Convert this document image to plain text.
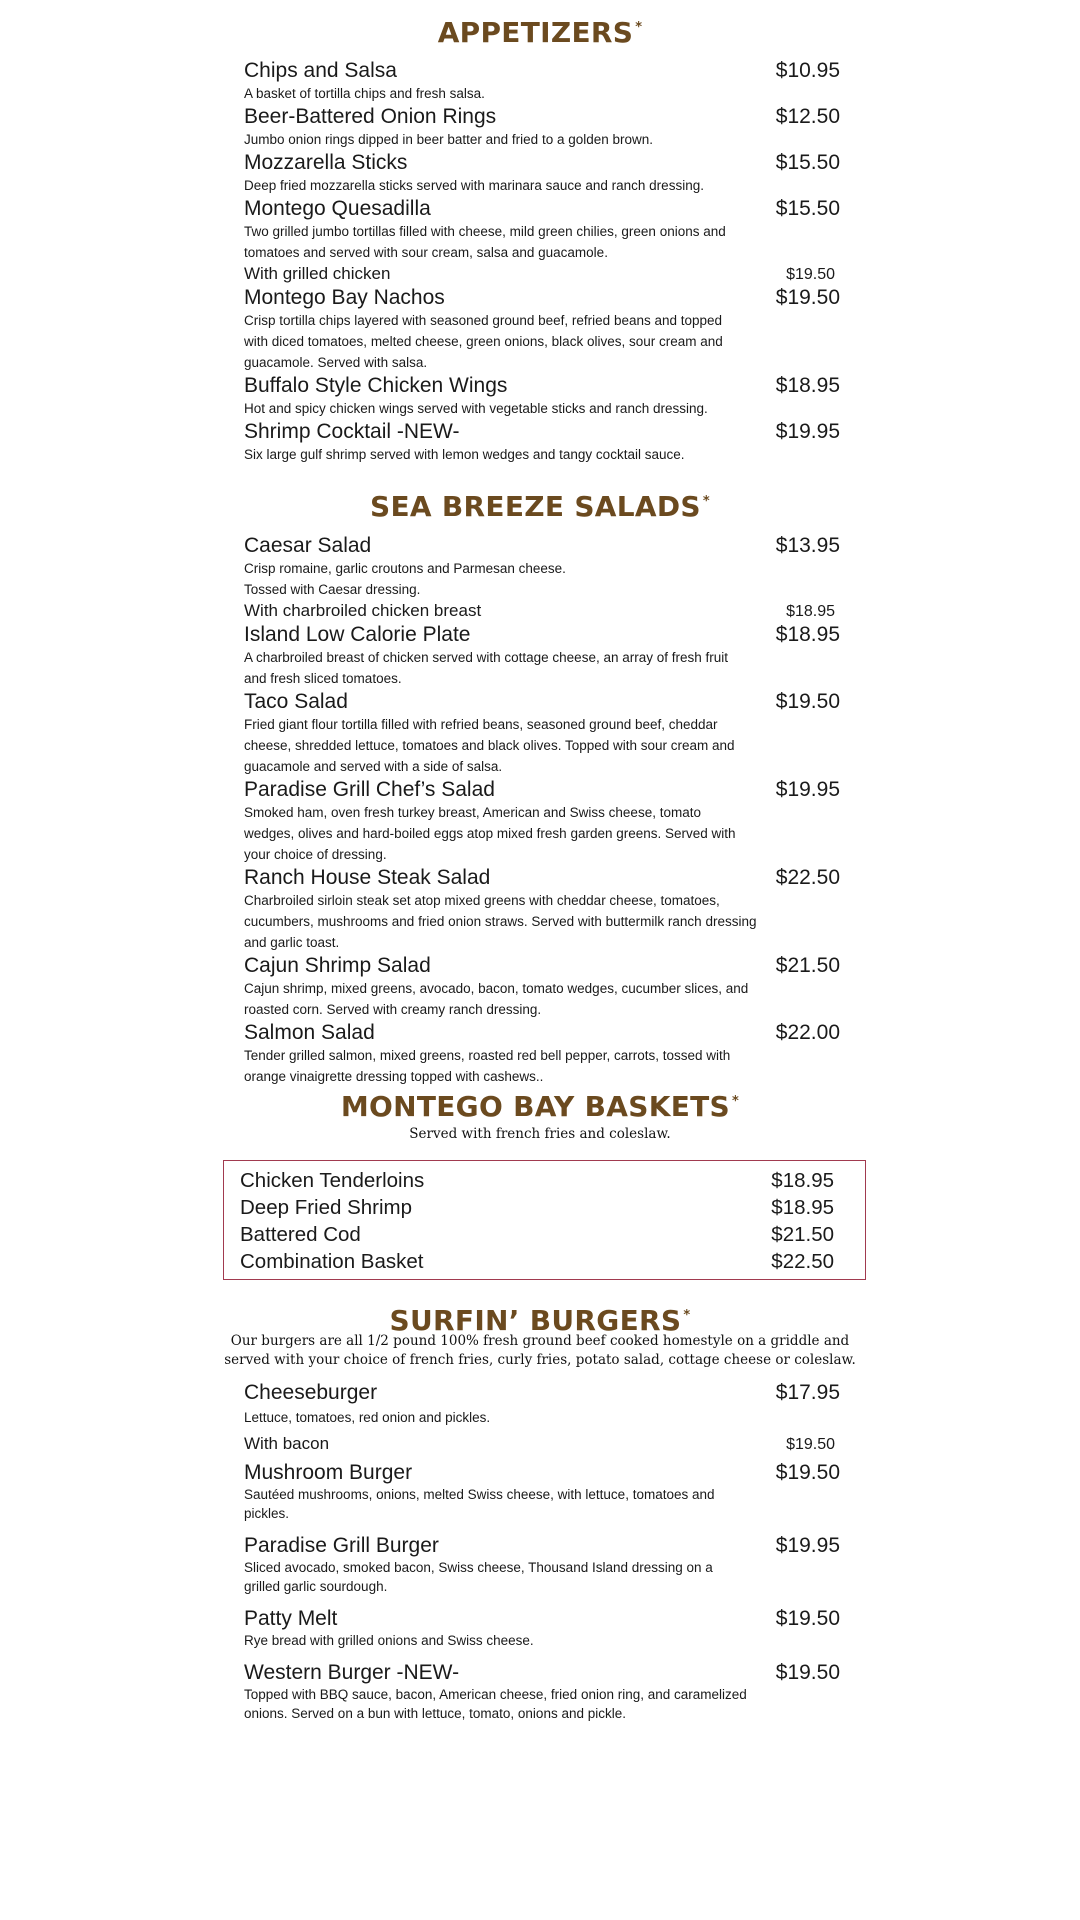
APPETIZERS *
Chips and Salsa	$10.95
A basket of tortilla chips and fresh salsa.
Beer-Battered Onion Rings	$12.50
Jumbo onion rings dipped in beer batter and fried to a golden brown.
Mozzarella Sticks	$15.50
Deep fried mozzarella sticks served with marinara sauce and ranch dressing.
Montego Quesadilla	$15.50
Two grilled jumbo tortillas filled with cheese, mild green chilies, green onions and tomatoes and served with sour cream, salsa and guacamole.
With grilled chicken	$19.50
Montego Bay Nachos	$19.50
Crisp tortilla chips layered with seasoned ground beef, refried beans and topped with diced tomatoes, melted cheese, green onions, black olives, sour cream and guacamole. Served with salsa.
Buffalo Style Chicken Wings	$18.95
Hot and spicy chicken wings served with vegetable sticks and ranch dressing.
Shrimp Cocktail -NEW-	$19.95
Six large gulf shrimp served with lemon wedges and tangy cocktail sauce.
SEA BREEZE SALADS *
Caesar Salad	$13.95
Crisp romaine, garlic croutons and Parmesan cheese. Tossed with Caesar dressing.
With charbroiled chicken breast	$18.95
Island Low Calorie Plate	$18.95
A charbroiled breast of chicken served with cottage cheese, an array of fresh fruit and fresh sliced tomatoes.
Taco Salad	$19.50
Fried giant flour tortilla filled with refried beans, seasoned ground beef, cheddar cheese, shredded lettuce, tomatoes and black olives. Topped with sour cream and guacamole and served with a side of salsa.
Paradise Grill Chef’s Salad	$19.95
Smoked ham, oven fresh turkey breast, American and Swiss cheese, tomato wedges, olives and hard-boiled eggs atop mixed fresh garden greens. Served with your choice of dressing.
Ranch House Steak Salad	$22.50
Charbroiled sirloin steak set atop mixed greens with cheddar cheese, tomatoes, cucumbers, mushrooms and fried onion straws. Served with buttermilk ranch dressing and garlic toast.
Cajun Shrimp Salad	$21.50
Cajun shrimp, mixed greens, avocado, bacon, tomato wedges, cucumber slices, and roasted corn. Served with creamy ranch dressing.
Salmon Salad	$22.00
Tender grilled salmon, mixed greens, roasted red bell pepper, carrots, tossed with orange vinaigrette dressing topped with cashews..
MONTEGO BAY BASKETS *
Served with french fries and coleslaw.
Chicken Tenderloins	$18.95
Deep Fried Shrimp	$18.95
Battered Cod	$21.50
Combination Basket	$22.50
SURFIN’ BURGERS *
Our burgers are all 1/2 pound 100% fresh ground beef cooked homestyle on a griddle and
served with your choice of french fries, curly fries, potato salad, cottage cheese or coleslaw.
Cheeseburger	$17.95
Lettuce, tomatoes, red onion and pickles.
With bacon	$19.50
Mushroom Burger	$19.50
Sautéed mushrooms, onions, melted Swiss cheese, with lettuce, tomatoes and pickles.
Paradise Grill Burger	$19.95
Sliced avocado, smoked bacon, Swiss cheese, Thousand Island dressing on a grilled garlic sourdough.
Patty Melt	$19.50
Rye bread with grilled onions and Swiss cheese.
Western Burger -NEW-	$19.50
Topped with BBQ sauce, bacon, American cheese, fried onion ring, and caramelized onions. Served on a bun with lettuce, tomato, onions and pickle.
